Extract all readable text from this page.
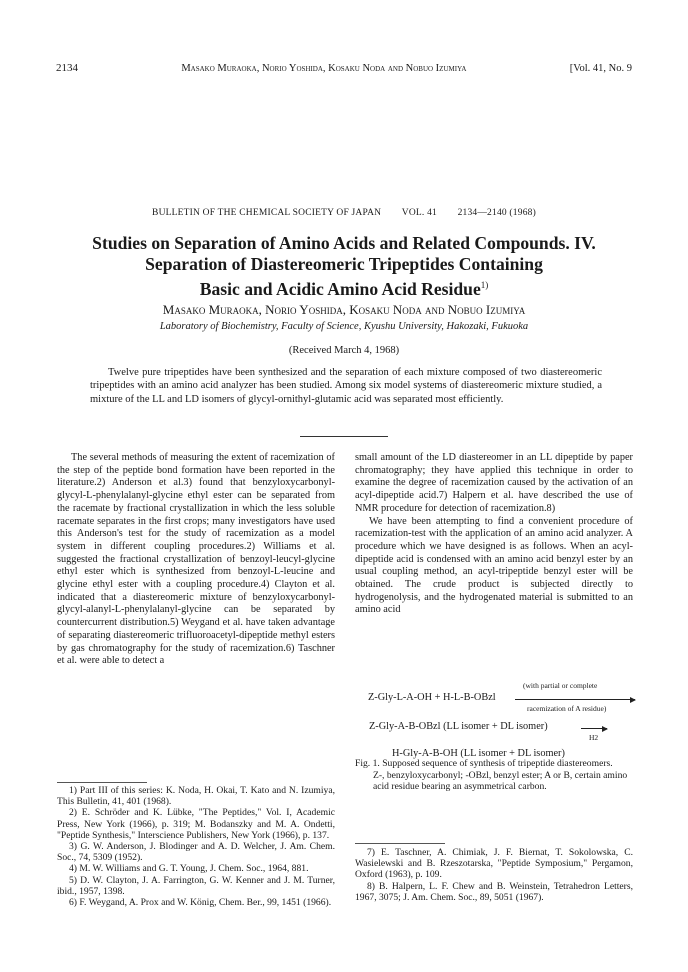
2134	Masako Muraoka, Norio Yoshida, Kosaku Noda and Nobuo Izumiya	[Vol. 41, No. 9
BULLETIN OF THE CHEMICAL SOCIETY OF JAPAN VOL. 41 2134—2140 (1968)
Studies on Separation of Amino Acids and Related Compounds. IV.
Separation of Diastereomeric Tripeptides Containing
Basic and Acidic Amino Acid Residue$^{1)}$
Masako Muraoka, Norio Yoshida, Kosaku Noda and Nobuo Izumiya
Laboratory of Biochemistry, Faculty of Science, Kyushu University, Hakozaki, Fukuoka
(Received March 4, 1968)
Twelve pure tripeptides have been synthesized and the separation of each mixture composed of two diastereomeric tripeptides with an amino acid analyzer has been studied. Among six model systems of diastereomeric mixture studied, a mixture of the LL and LD isomers of glycyl-ornithyl-glutamic acid was separated most efficiently.

The several methods of measuring the extent of racemization of the step of the peptide bond formation have been reported in the literature.2) Anderson et al.3) found that benzyloxycarbonyl-glycyl-L-phenylalanyl-glycine ethyl ester can be separated from the racemate by fractional crystallization in which the less soluble racemate separates in the first crops; many investigators have used this Anderson's test for the study of racemization as a model system in different coupling procedures.2) Williams et al. suggested the fractional crystallization of benzoyl-leucyl-glycine ethyl ester which is synthesized from benzoyl-L-leucine and glycine ethyl ester with a coupling procedure.4) Clayton et al. indicated that a diastereomeric mixture of benzyloxycarbonyl-glycyl-alanyl-L-phenylalanyl-glycine can be separated by countercurrent distribution.5) Weygand et al. have taken advantage of separating diastereomeric trifluoroacetyl-dipeptide methyl esters by gas chromatography for the study of racemization.6) Taschner et al. were able to detect a

small amount of the LD diastereomer in an LL dipeptide by paper chromatography; they have applied this technique in order to examine the degree of racemization caused by the activation of an acyl-dipeptide acid.7) Halpern et al. have described the use of NMR procedure for detection of racemization.8)

We have been attempting to find a convenient procedure of racemization-test with the application of an amino acid analyzer. A procedure which we have designed is as follows. When an acyl-dipeptide acid is condensed with an amino acid benzyl ester by an usual coupling method, an acyl-tripeptide benzyl ester will be obtained. The crude product is subjected directly to hydrogenolysis, and the hydrogenated material is submitted to an amino acid

(with partial or complete
Z-Gly-L-A-OH + H-L-B-OBzl
racemization of A residue)
Z-Gly-A-B-OBzl (LL isomer + DL isomer)
H2
H-Gly-A-B-OH (LL isomer + DL isomer)

Fig. 1. Supposed sequence of synthesis of tripeptide diastereomers.

Z-, benzyloxycarbonyl; -OBzl, benzyl ester; A or B, certain amino acid residue bearing an asymmetrical carbon.

1) Part III of this series: K. Noda, H. Okai, T. Kato and N. Izumiya, This Bulletin, 41, 401 (1968).

2) E. Schröder and K. Lübke, "The Peptides," Vol. I, Academic Press, New York (1966), p. 319; M. Bodanszky and M. A. Ondetti, "Peptide Synthesis," Interscience Publishers, New York (1966), p. 137.

3) G. W. Anderson, J. Blodinger and A. D. Welcher, J. Am. Chem. Soc., 74, 5309 (1952).

4) M. W. Williams and G. T. Young, J. Chem. Soc., 1964, 881.

5) D. W. Clayton, J. A. Farrington, G. W. Kenner and J. M. Turner, ibid., 1957, 1398.

6) F. Weygand, A. Prox and W. König, Chem. Ber., 99, 1451 (1966).

7) E. Taschner, A. Chimiak, J. F. Biernat, T. Sokolowska, C. Wasielewski and B. Rzeszotarska, "Peptide Symposium," Pergamon, Oxford (1963), p. 109.

8) B. Halpern, L. F. Chew and B. Weinstein, Tetrahedron Letters, 1967, 3075; J. Am. Chem. Soc., 89, 5051 (1967).
